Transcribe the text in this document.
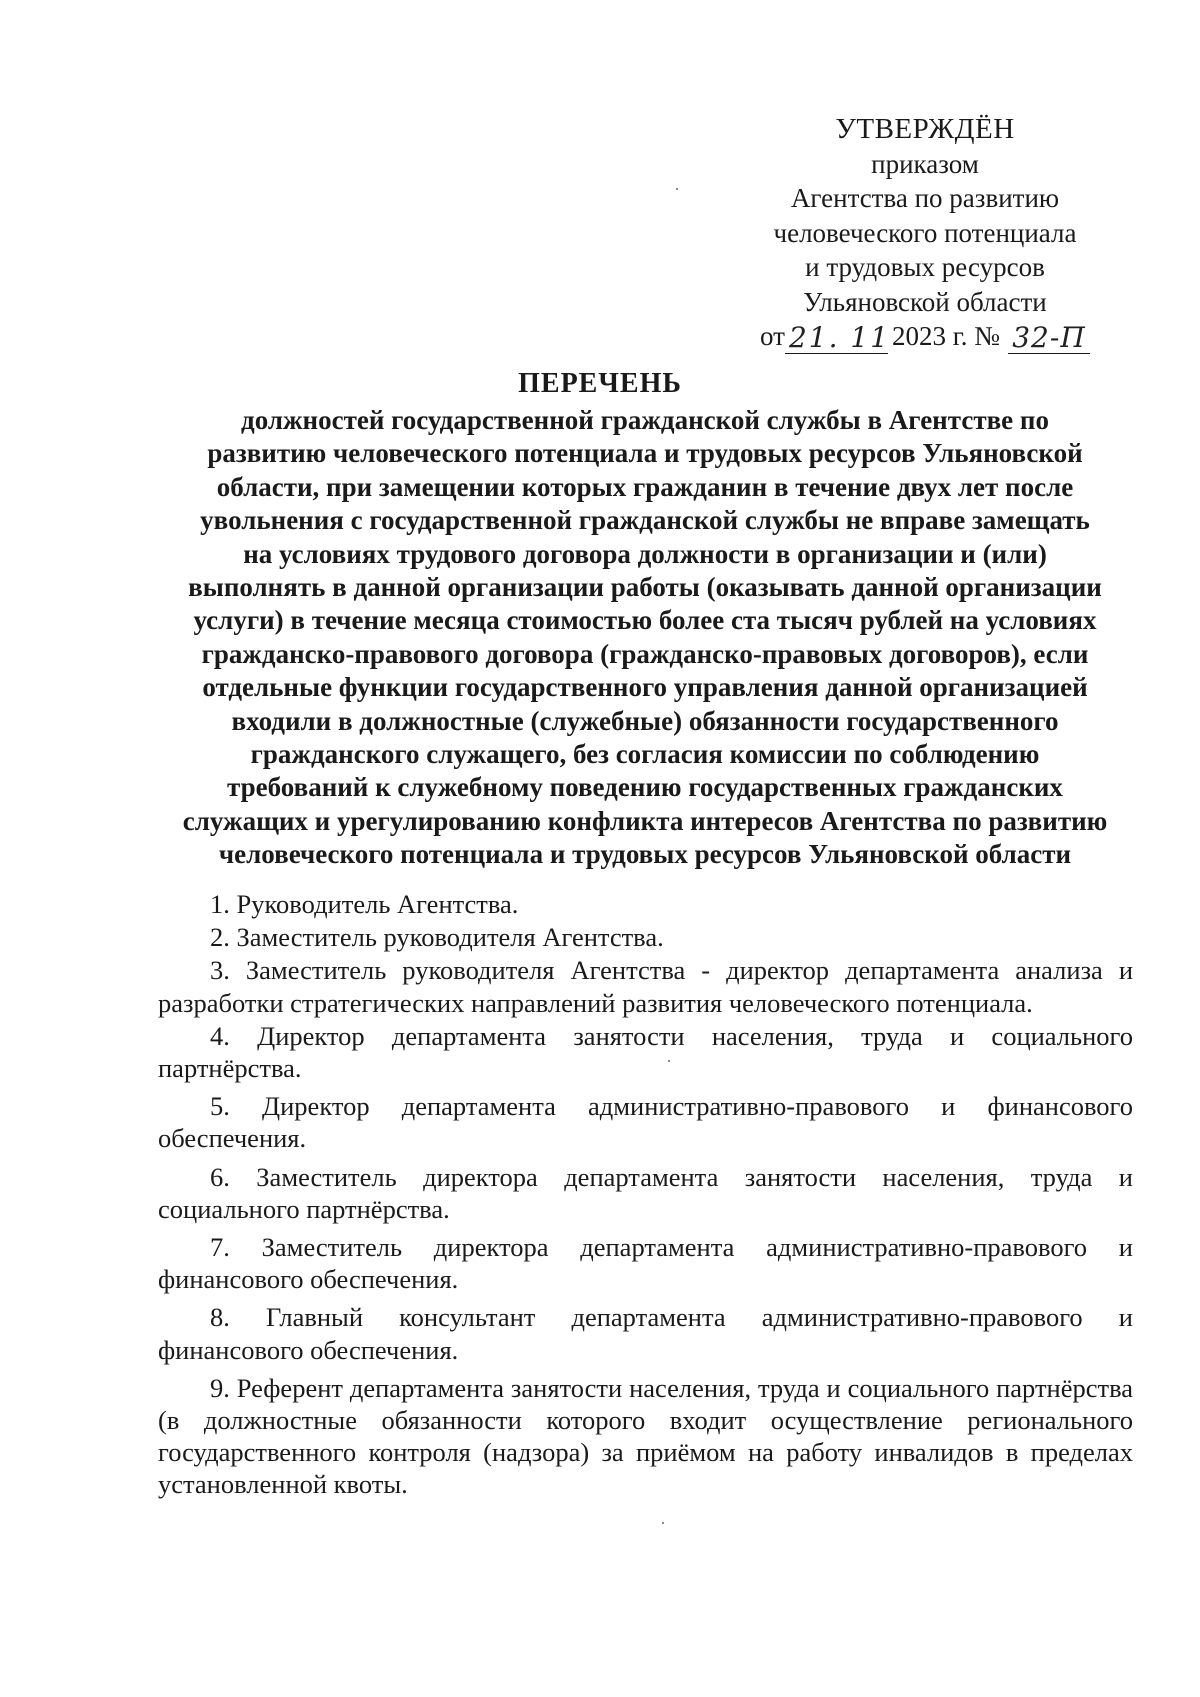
УТВЕРЖДЁН
приказом
Агентства по развитию
человеческого потенциала
и трудовых ресурсов
Ульяновской области
от 21. 11 2023 г. № 32-П
ПЕРЕЧЕНЬ
должностей государственной гражданской службы в Агентстве по
развитию человеческого потенциала и трудовых ресурсов Ульяновской
области, при замещении которых гражданин в течение двух лет после
увольнения с государственной гражданской службы не вправе замещать
на условиях трудового договора должности в организации и (или)
выполнять в данной организации работы (оказывать данной организации
услуги) в течение месяца стоимостью более ста тысяч рублей на условиях
гражданско-правового договора (гражданско-правовых договоров), если
отдельные функции государственного управления данной организацией
входили в должностные (служебные) обязанности государственного
гражданского служащего, без согласия комиссии по соблюдению
требований к служебному поведению государственных гражданских
служащих и урегулированию конфликта интересов Агентства по развитию
человеческого потенциала и трудовых ресурсов Ульяновской области

1. Руководитель Агентства.

2. Заместитель руководителя Агентства.

3. Заместитель руководителя Агентства - директор департамента анализа и разработки стратегических направлений развития человеческого потенциала.

4. Директор департамента занятости населения, труда и социального партнёрства.

5. Директор департамента административно-правового и финансового обеспечения.

6. Заместитель директора департамента занятости населения, труда и социального партнёрства.

7. Заместитель директора департамента административно-правового и финансового обеспечения.

8. Главный консультант департамента административно-правового и финансового обеспечения.

9. Референт департамента занятости населения, труда и социального партнёрства (в должностные обязанности которого входит осуществление регионального государственного контроля (надзора) за приёмом на работу инвалидов в пределах установленной квоты.
